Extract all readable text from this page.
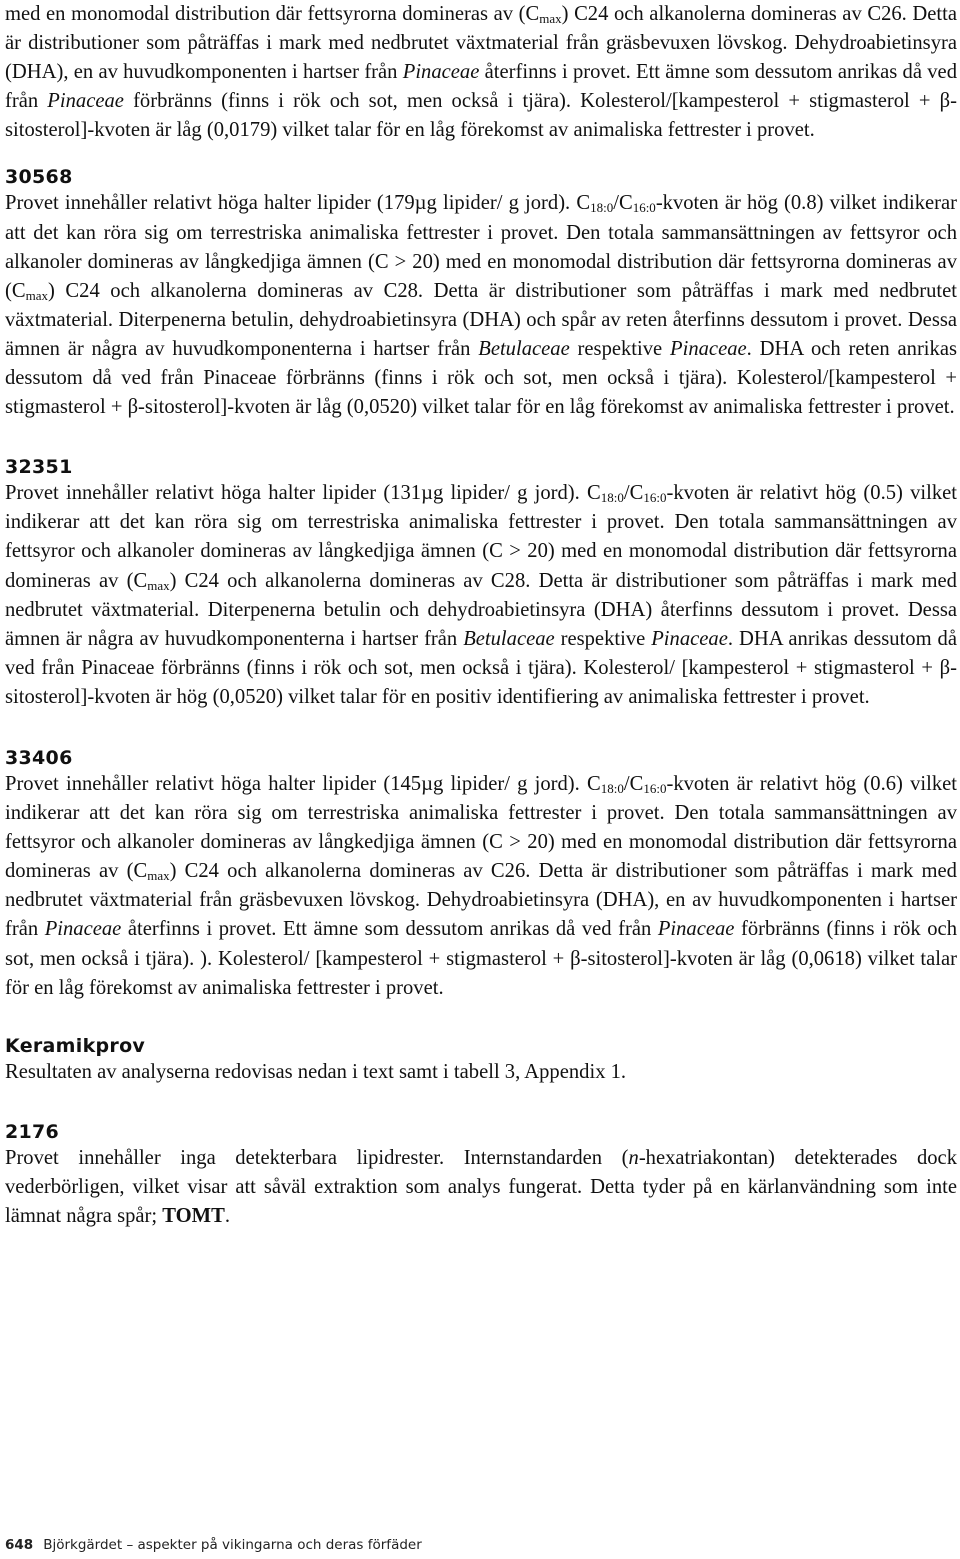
med en monomodal distribution där fettsyrorna domineras av $(C_{max})$ C24 och alkanolerna domineras av C26. Detta är distributioner som påträffas i mark med nedbrutet växtmaterial från gräsbevuxen lövskog. Dehydroabietinsyra (DHA), en av huvudkomponenten i hartser från Pinaceae återfinns i provet. Ett ämne som dessutom anrikas då ved från Pinaceae förbränns (finns i rök och sot, men också i tjära). Kolesterol/[kampesterol + stigmasterol + β-sitosterol]-kvoten är låg (0,0179) vilket talar för en låg förekomst av animaliska fettrester i provet.

30568

Provet innehåller relativt höga halter lipider (179µg lipider/ g jord). $C_{18:0}/C_{16:0}$-kvoten är hög (0.8) vilket indikerar att det kan röra sig om terrestriska animaliska fettrester i provet. Den totala sammansättningen av fettsyror och alkanoler domineras av långkedjiga ämnen (C > 20) med en monomodal distribution där fettsyrorna domineras av $(C_{max})$ C24 och alkanolerna domineras av C28. Detta är distributioner som påträffas i mark med nedbrutet växtmaterial. Diterpenerna betulin, dehydroabietinsyra (DHA) och spår av reten återfinns dessutom i provet. Dessa ämnen är några av huvudkomponenterna i hartser från Betulaceae respektive Pinaceae. DHA och reten anrikas dessutom då ved från Pinaceae förbränns (finns i rök och sot, men också i tjära). Kolesterol/[kampesterol + stigmasterol + β-sitosterol]-kvoten är låg (0,0520) vilket talar för en låg förekomst av animaliska fettrester i provet.

32351

Provet innehåller relativt höga halter lipider (131µg lipider/ g jord). $C_{18:0}/C_{16:0}$-kvoten är relativt hög (0.5) vilket indikerar att det kan röra sig om terrestriska animaliska fettrester i provet. Den totala sammansättningen av fettsyror och alkanoler domineras av långkedjiga ämnen (C > 20) med en monomodal distribution där fettsyrorna domineras av $(C_{max})$ C24 och alkanolerna domineras av C28. Detta är distributioner som påträffas i mark med nedbrutet växtmaterial. Diterpenerna betulin och dehydroabietinsyra (DHA) återfinns dessutom i provet. Dessa ämnen är några av huvudkomponenterna i hartser från Betulaceae respektive Pinaceae. DHA anrikas dessutom då ved från Pinaceae förbränns (finns i rök och sot, men också i tjära). Kolesterol/ [kampesterol + stigmasterol + β-sitosterol]-kvoten är hög (0,0520) vilket talar för en positiv identifiering av animaliska fettrester i provet.

33406

Provet innehåller relativt höga halter lipider (145µg lipider/ g jord). $C_{18:0}/C_{16:0}$-kvoten är relativt hög (0.6) vilket indikerar att det kan röra sig om terrestriska animaliska fettrester i provet. Den totala sammansättningen av fettsyror och alkanoler domineras av långkedjiga ämnen (C > 20) med en monomodal distribution där fettsyrorna domineras av $(C_{max})$ C24 och alkanolerna domineras av C26. Detta är distributioner som påträffas i mark med nedbrutet växtmaterial från gräsbevuxen lövskog. Dehydroabietinsyra (DHA), en av huvudkomponenten i hartser från Pinaceae återfinns i provet. Ett ämne som dessutom anrikas då ved från Pinaceae förbränns (finns i rök och sot, men också i tjära). ). Kolesterol/ [kampesterol + stigmasterol + β-sitosterol]-kvoten är låg (0,0618) vilket talar för en låg förekomst av animaliska fettrester i provet.

Keramikprov

Resultaten av analyserna redovisas nedan i text samt i tabell 3, Appendix 1.

2176

Provet innehåller inga detekterbara lipidrester. Internstandarden (n-hexatriakontan) detekterades dock vederbörligen, vilket visar att såväl extraktion som analys fungerat. Detta tyder på en kärlanvändning som inte lämnat några spår; TOMT.

648 Björkgärdet – aspekter på vikingarna och deras förfäder
